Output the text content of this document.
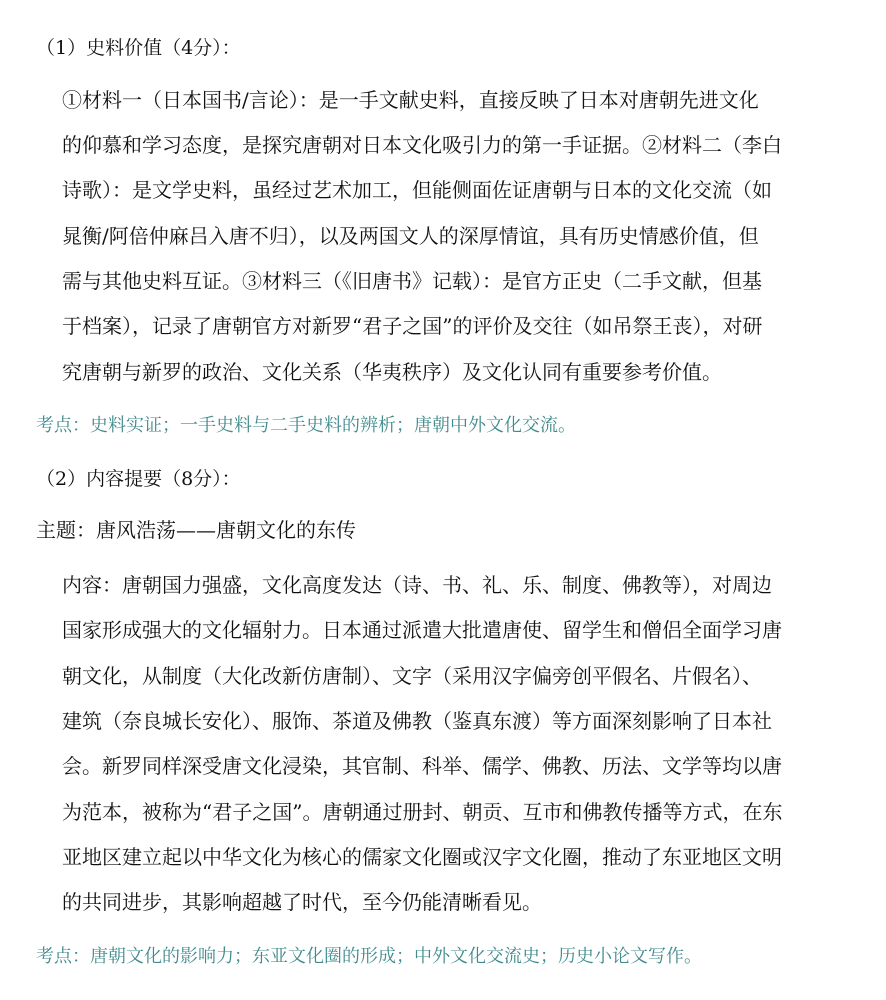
（1）史料价值（4分）：
①材料一（日本国书/言论）：是一手文献史料，直接反映了日本对唐朝先进文化
的仰慕和学习态度，是探究唐朝对日本文化吸引力的第一手证据。②材料二（李白
诗歌）：是文学史料，虽经过艺术加工，但能侧面佐证唐朝与日本的文化交流（如
晁衡/阿倍仲麻吕入唐不归），以及两国文人的深厚情谊，具有历史情感价值，但
需与其他史料互证。③材料三（《旧唐书》记载）：是官方正史（二手文献，但基
于档案），记录了唐朝官方对新罗“君子之国”的评价及交往（如吊祭王丧），对研
究唐朝与新罗的政治、文化关系（华夷秩序）及文化认同有重要参考价值。
考点：史料实证；一手史料与二手史料的辨析；唐朝中外文化交流。
（2）内容提要（8分）：
主题：唐风浩荡——唐朝文化的东传
内容：唐朝国力强盛，文化高度发达（诗、书、礼、乐、制度、佛教等），对周边
国家形成强大的文化辐射力。日本通过派遣大批遣唐使、留学生和僧侣全面学习唐
朝文化，从制度（大化改新仿唐制）、文字（采用汉字偏旁创平假名、片假名）、
建筑（奈良城长安化）、服饰、茶道及佛教（鉴真东渡）等方面深刻影响了日本社
会。新罗同样深受唐文化浸染，其官制、科举、儒学、佛教、历法、文学等均以唐
为范本，被称为“君子之国”。唐朝通过册封、朝贡、互市和佛教传播等方式，在东
亚地区建立起以中华文化为核心的儒家文化圈或汉字文化圈，推动了东亚地区文明
的共同进步，其影响超越了时代，至今仍能清晰看见。
考点：唐朝文化的影响力；东亚文化圈的形成；中外文化交流史；历史小论文写作。
